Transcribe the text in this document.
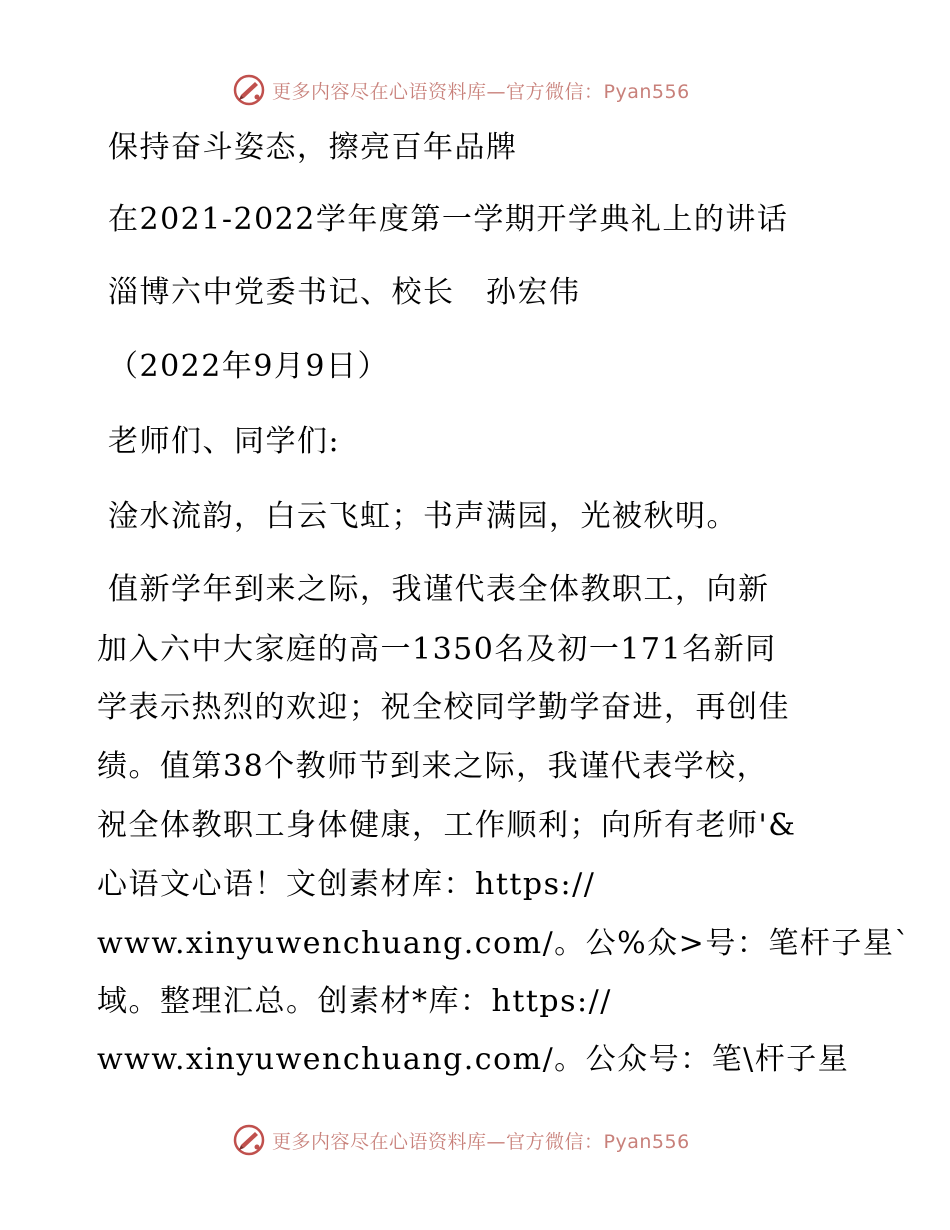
更多内容尽在心语资料库—官方微信：Pyan556
保持奋斗姿态，擦亮百年品牌
在2021-2022学年度第一学期开学典礼上的讲话
淄博六中党委书记、校长　孙宏伟
（2022年9月9日）
老师们、同学们:
淦水流韵，白云飞虹；书声满园，光被秋明。
值新学年到来之际，我谨代表全体教职工，向新
加入六中大家庭的高一1350名及初一171名新同
学表示热烈的欢迎；祝全校同学勤学奋进，再创佳
绩。值第38个教师节到来之际，我谨代表学校，
祝全体教职工身体健康，工作顺利；向所有老师'&
心语文心语！文创素材库：https://
www.xinyuwenchuang.com/。公%众>号：笔杆子星`
域。整理汇总。创素材*库：https://
www.xinyuwenchuang.com/。公众号：笔\杆子星
更多内容尽在心语资料库—官方微信：Pyan556
